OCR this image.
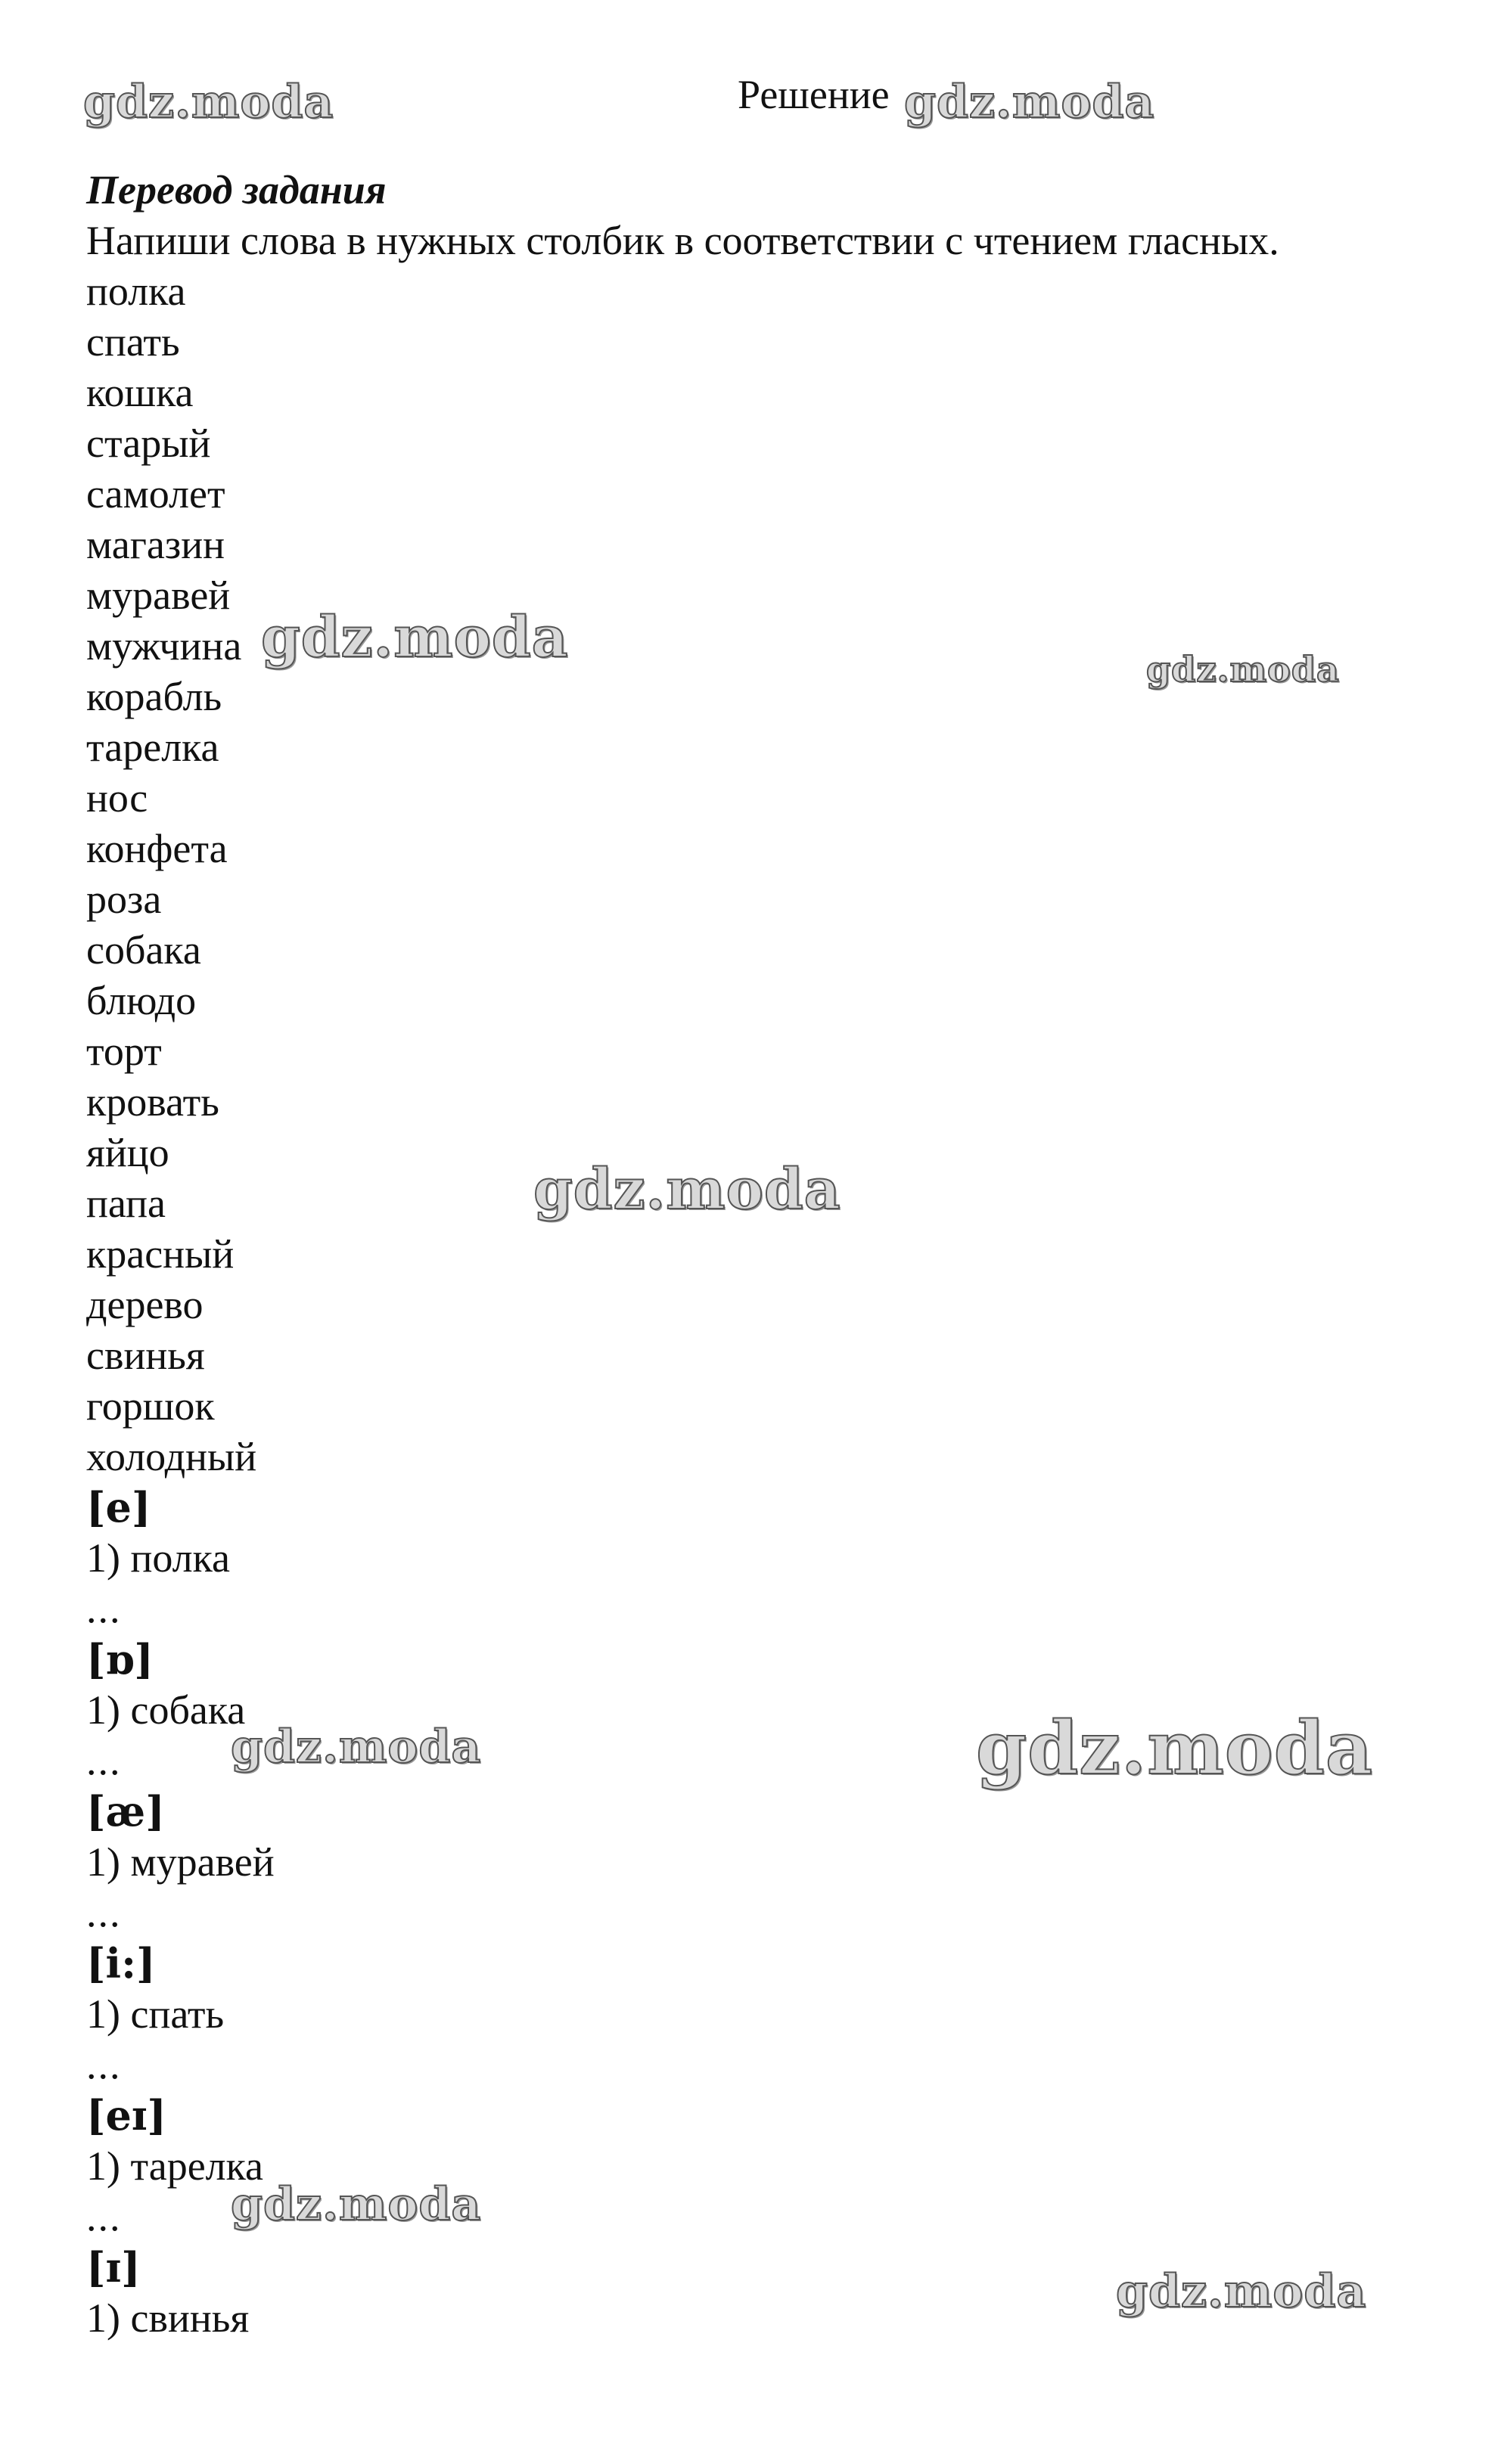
gdz.moda	gdz.moda
gdz.moda	gdz.moda
gdz.moda
gdz.moda	gdz.moda
gdz.moda
gdz.moda
Решение
Перевод задания
Напиши слова в нужных столбик в соответствии с чтением гласных.
полка
спать
кошка
старый
самолет
магазин
муравей
мужчина
корабль
тарелка
нос
конфета
роза
собака
блюдо
торт
кровать
яйцо
папа
красный
дерево
свинья
горшок
холодный
[e]
1) полка
...
[ɒ]
1) собака
...
[æ]
1) муравей
...
[i:]
1) спать
...
[eɪ]
1) тарелка
...
[ɪ]
1) свинья
